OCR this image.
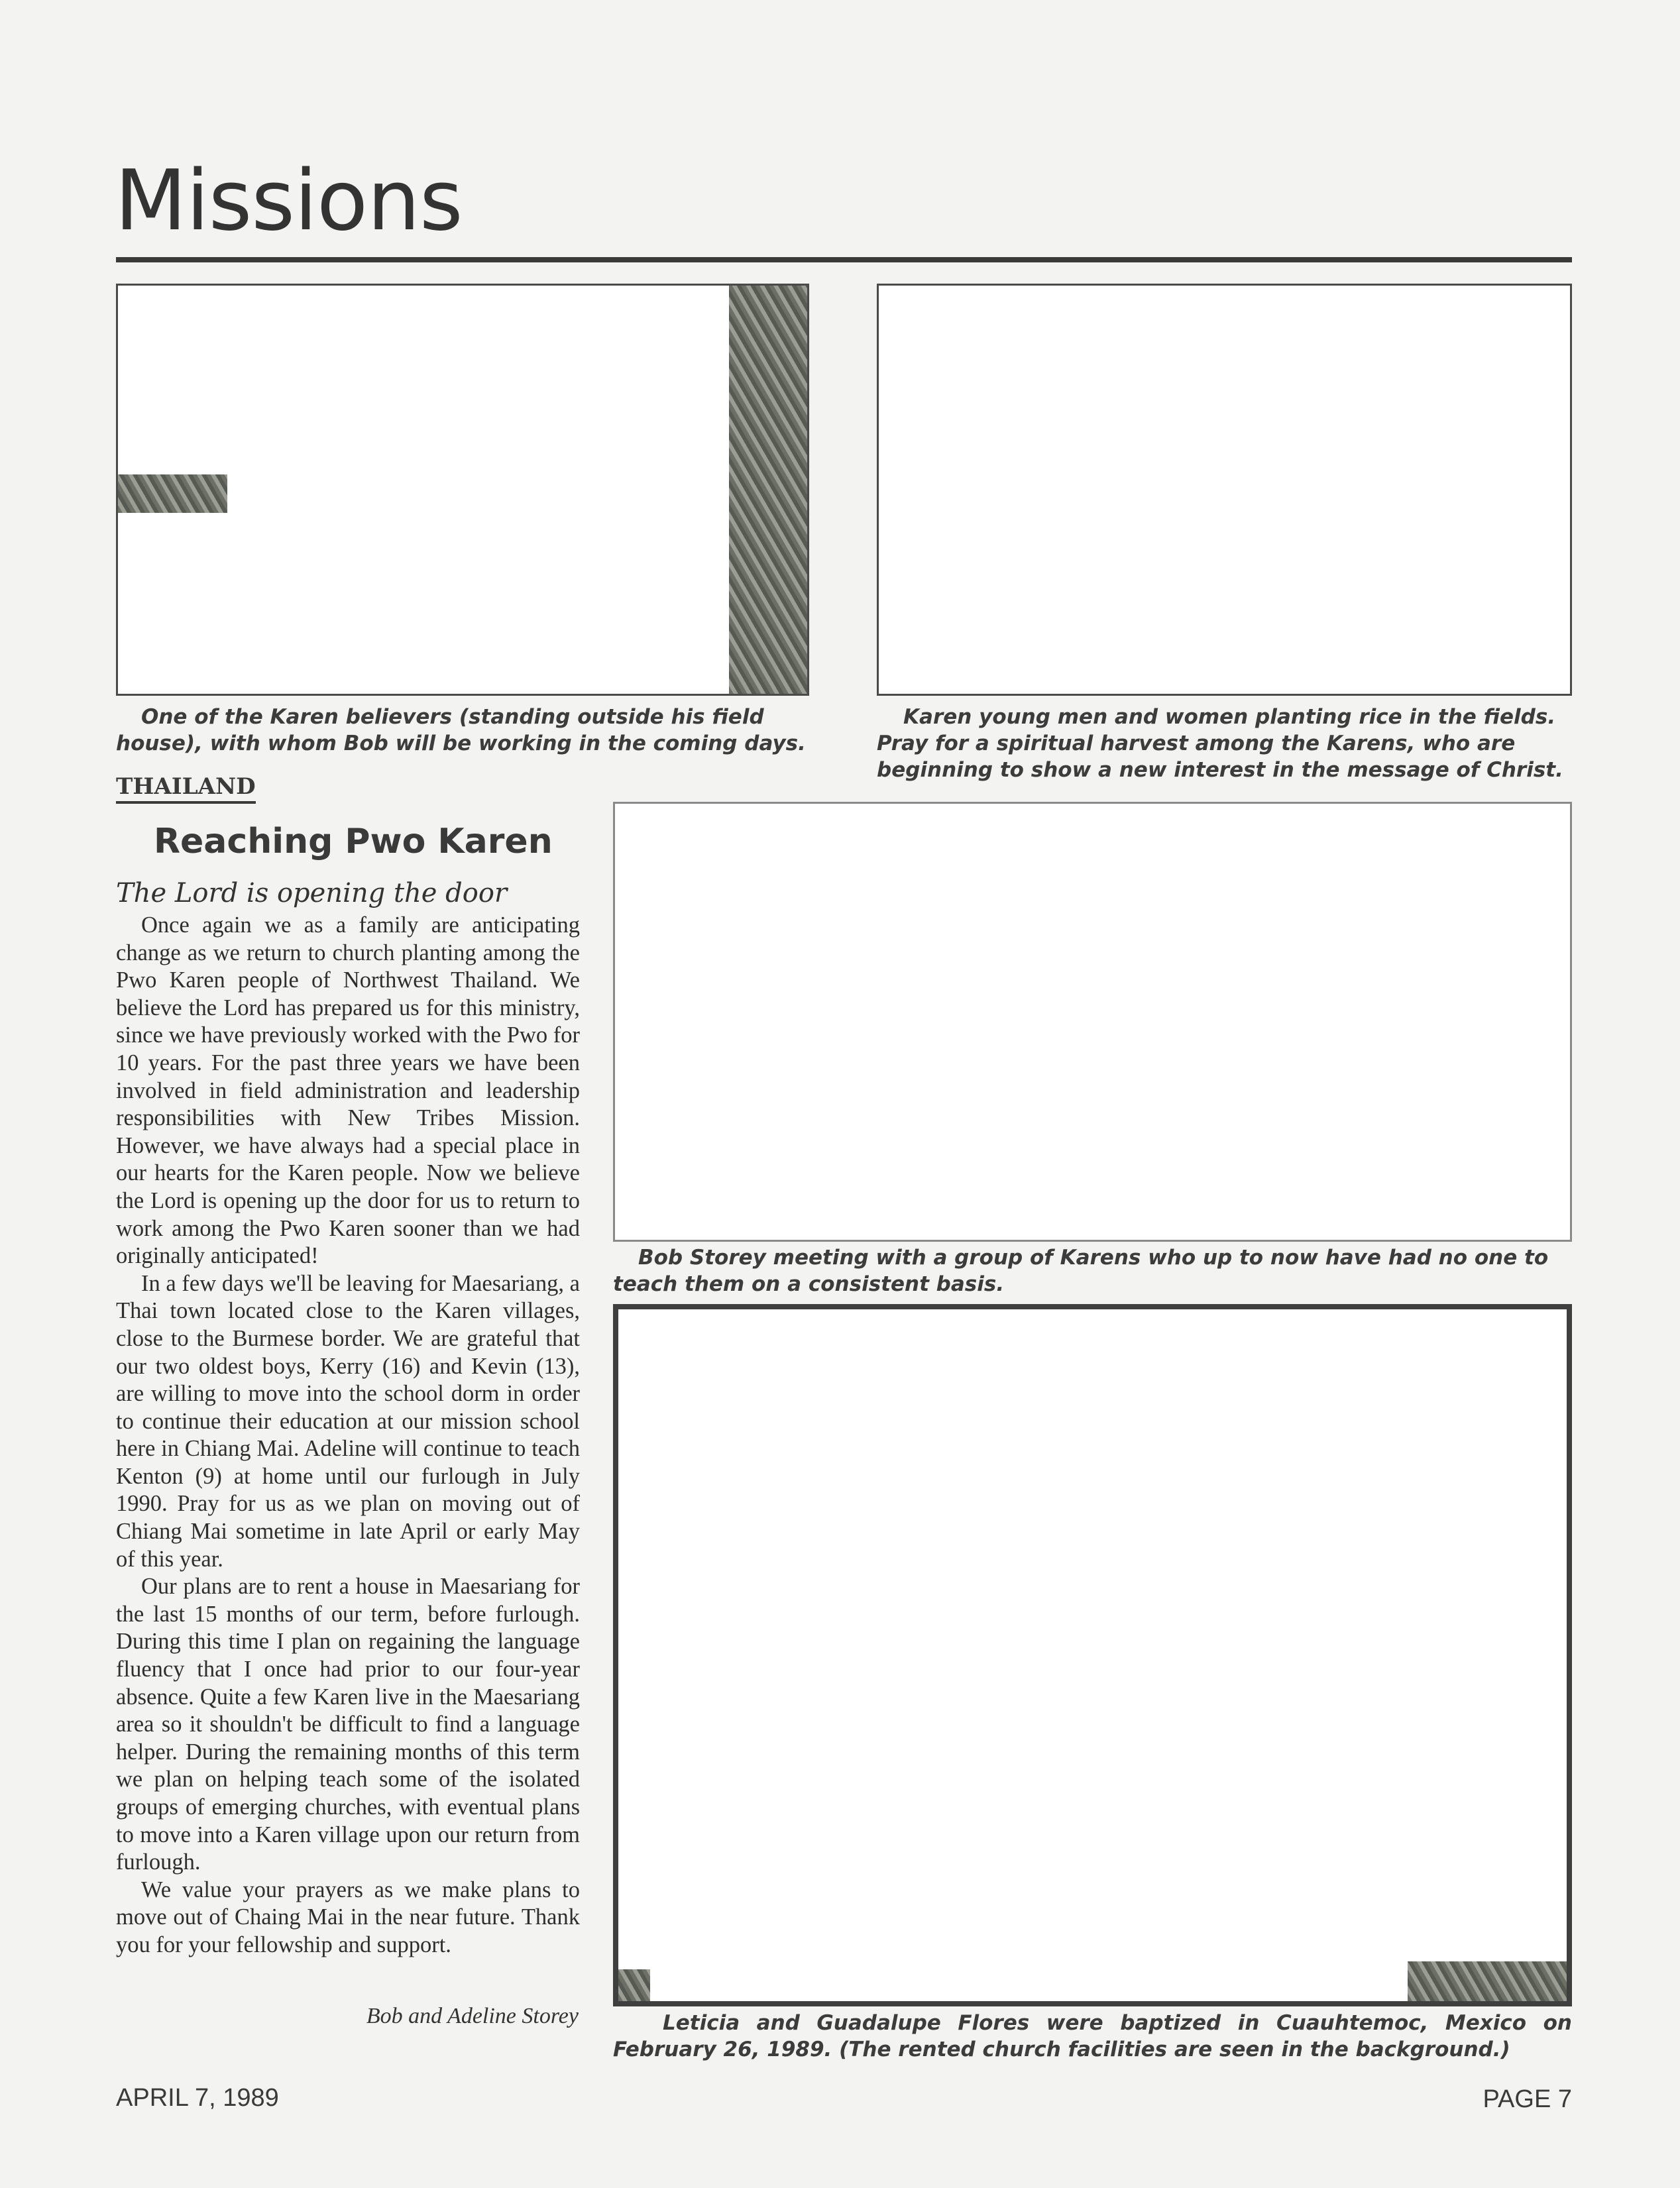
Missions

One of the Karen believers (standing outside his field house), with whom Bob will be working in the coming days.

Karen young men and women planting rice in the fields. Pray for a spiritual harvest among the Karens, who are beginning to show a new interest in the message of Christ.

THAILAND
Reaching Pwo Karen
The Lord is opening the door

Once again we as a family are anticipating change as we return to church planting among the Pwo Karen people of Northwest Thailand. We believe the Lord has prepared us for this ministry, since we have previously worked with the Pwo for 10 years. For the past three years we have been involved in field administration and leadership responsibilities with New Tribes Mission. However, we have always had a special place in our hearts for the Karen people. Now we believe the Lord is opening up the door for us to return to work among the Pwo Karen sooner than we had originally anticipated!

In a few days we'll be leaving for Maesariang, a Thai town located close to the Karen villages, close to the Burmese border. We are grateful that our two oldest boys, Kerry (16) and Kevin (13), are willing to move into the school dorm in order to continue their education at our mission school here in Chiang Mai. Adeline will continue to teach Kenton (9) at home until our furlough in July 1990. Pray for us as we plan on moving out of Chiang Mai sometime in late April or early May of this year.

Our plans are to rent a house in Maesariang for the last 15 months of our term, before furlough. During this time I plan on regaining the language fluency that I once had prior to our four-year absence. Quite a few Karen live in the Maesariang area so it shouldn't be difficult to find a language helper. During the remaining months of this term we plan on helping teach some of the isolated groups of emerging churches, with eventual plans to move into a Karen village upon our return from furlough.

We value your prayers as we make plans to move out of Chaing Mai in the near future. Thank you for your fellowship and support.

Bob and Adeline Storey

Bob Storey meeting with a group of Karens who up to now have had no one to teach them on a consistent basis.

Leticia and Guadalupe Flores were baptized in Cuauhtemoc, Mexico on February 26, 1989. (The rented church facilities are seen in the background.)

APRIL 7, 1989	PAGE 7
